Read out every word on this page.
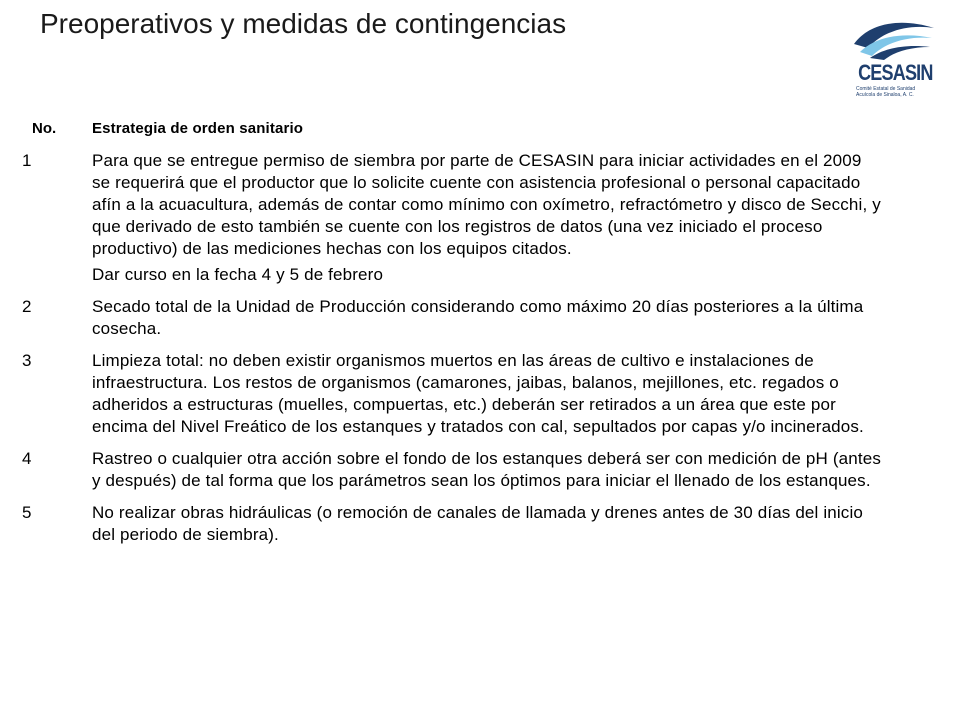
Preoperativos y medidas de contingencias
CESASIN
Comité Estatal de Sanidad
Acuícola de Sinaloa, A. C.
No.	Estrategia de orden sanitario
1	Para que se entregue permiso de siembra por parte de CESASIN para iniciar actividades en el 2009 se requerirá que el productor que lo solicite cuente con asistencia profesional o personal capacitado afín a la acuacultura, además de contar como mínimo con oxímetro, refractómetro y disco de Secchi, y que derivado de esto también se cuente con los registros de datos (una vez iniciado el proceso productivo) de las mediciones hechas con los equipos citados.
Dar curso en la fecha 4 y 5 de febrero
2	Secado total de la Unidad de Producción considerando como máximo 20 días posteriores a la última cosecha.
3	Limpieza total: no deben existir organismos muertos en las áreas de cultivo e instalaciones de infraestructura. Los restos de organismos (camarones, jaibas, balanos, mejillones, etc. regados o adheridos a estructuras (muelles, compuertas, etc.) deberán ser retirados a un área que este por encima del Nivel Freático de los estanques y tratados con cal, sepultados por capas y/o incinerados.
4	Rastreo o cualquier otra acción sobre el fondo de los estanques deberá ser con medición de pH (antes y después) de tal forma que los parámetros sean los óptimos para iniciar el llenado de los estanques.
5	No realizar obras hidráulicas (o remoción de canales de llamada y drenes antes de 30 días del inicio del periodo de siembra).
